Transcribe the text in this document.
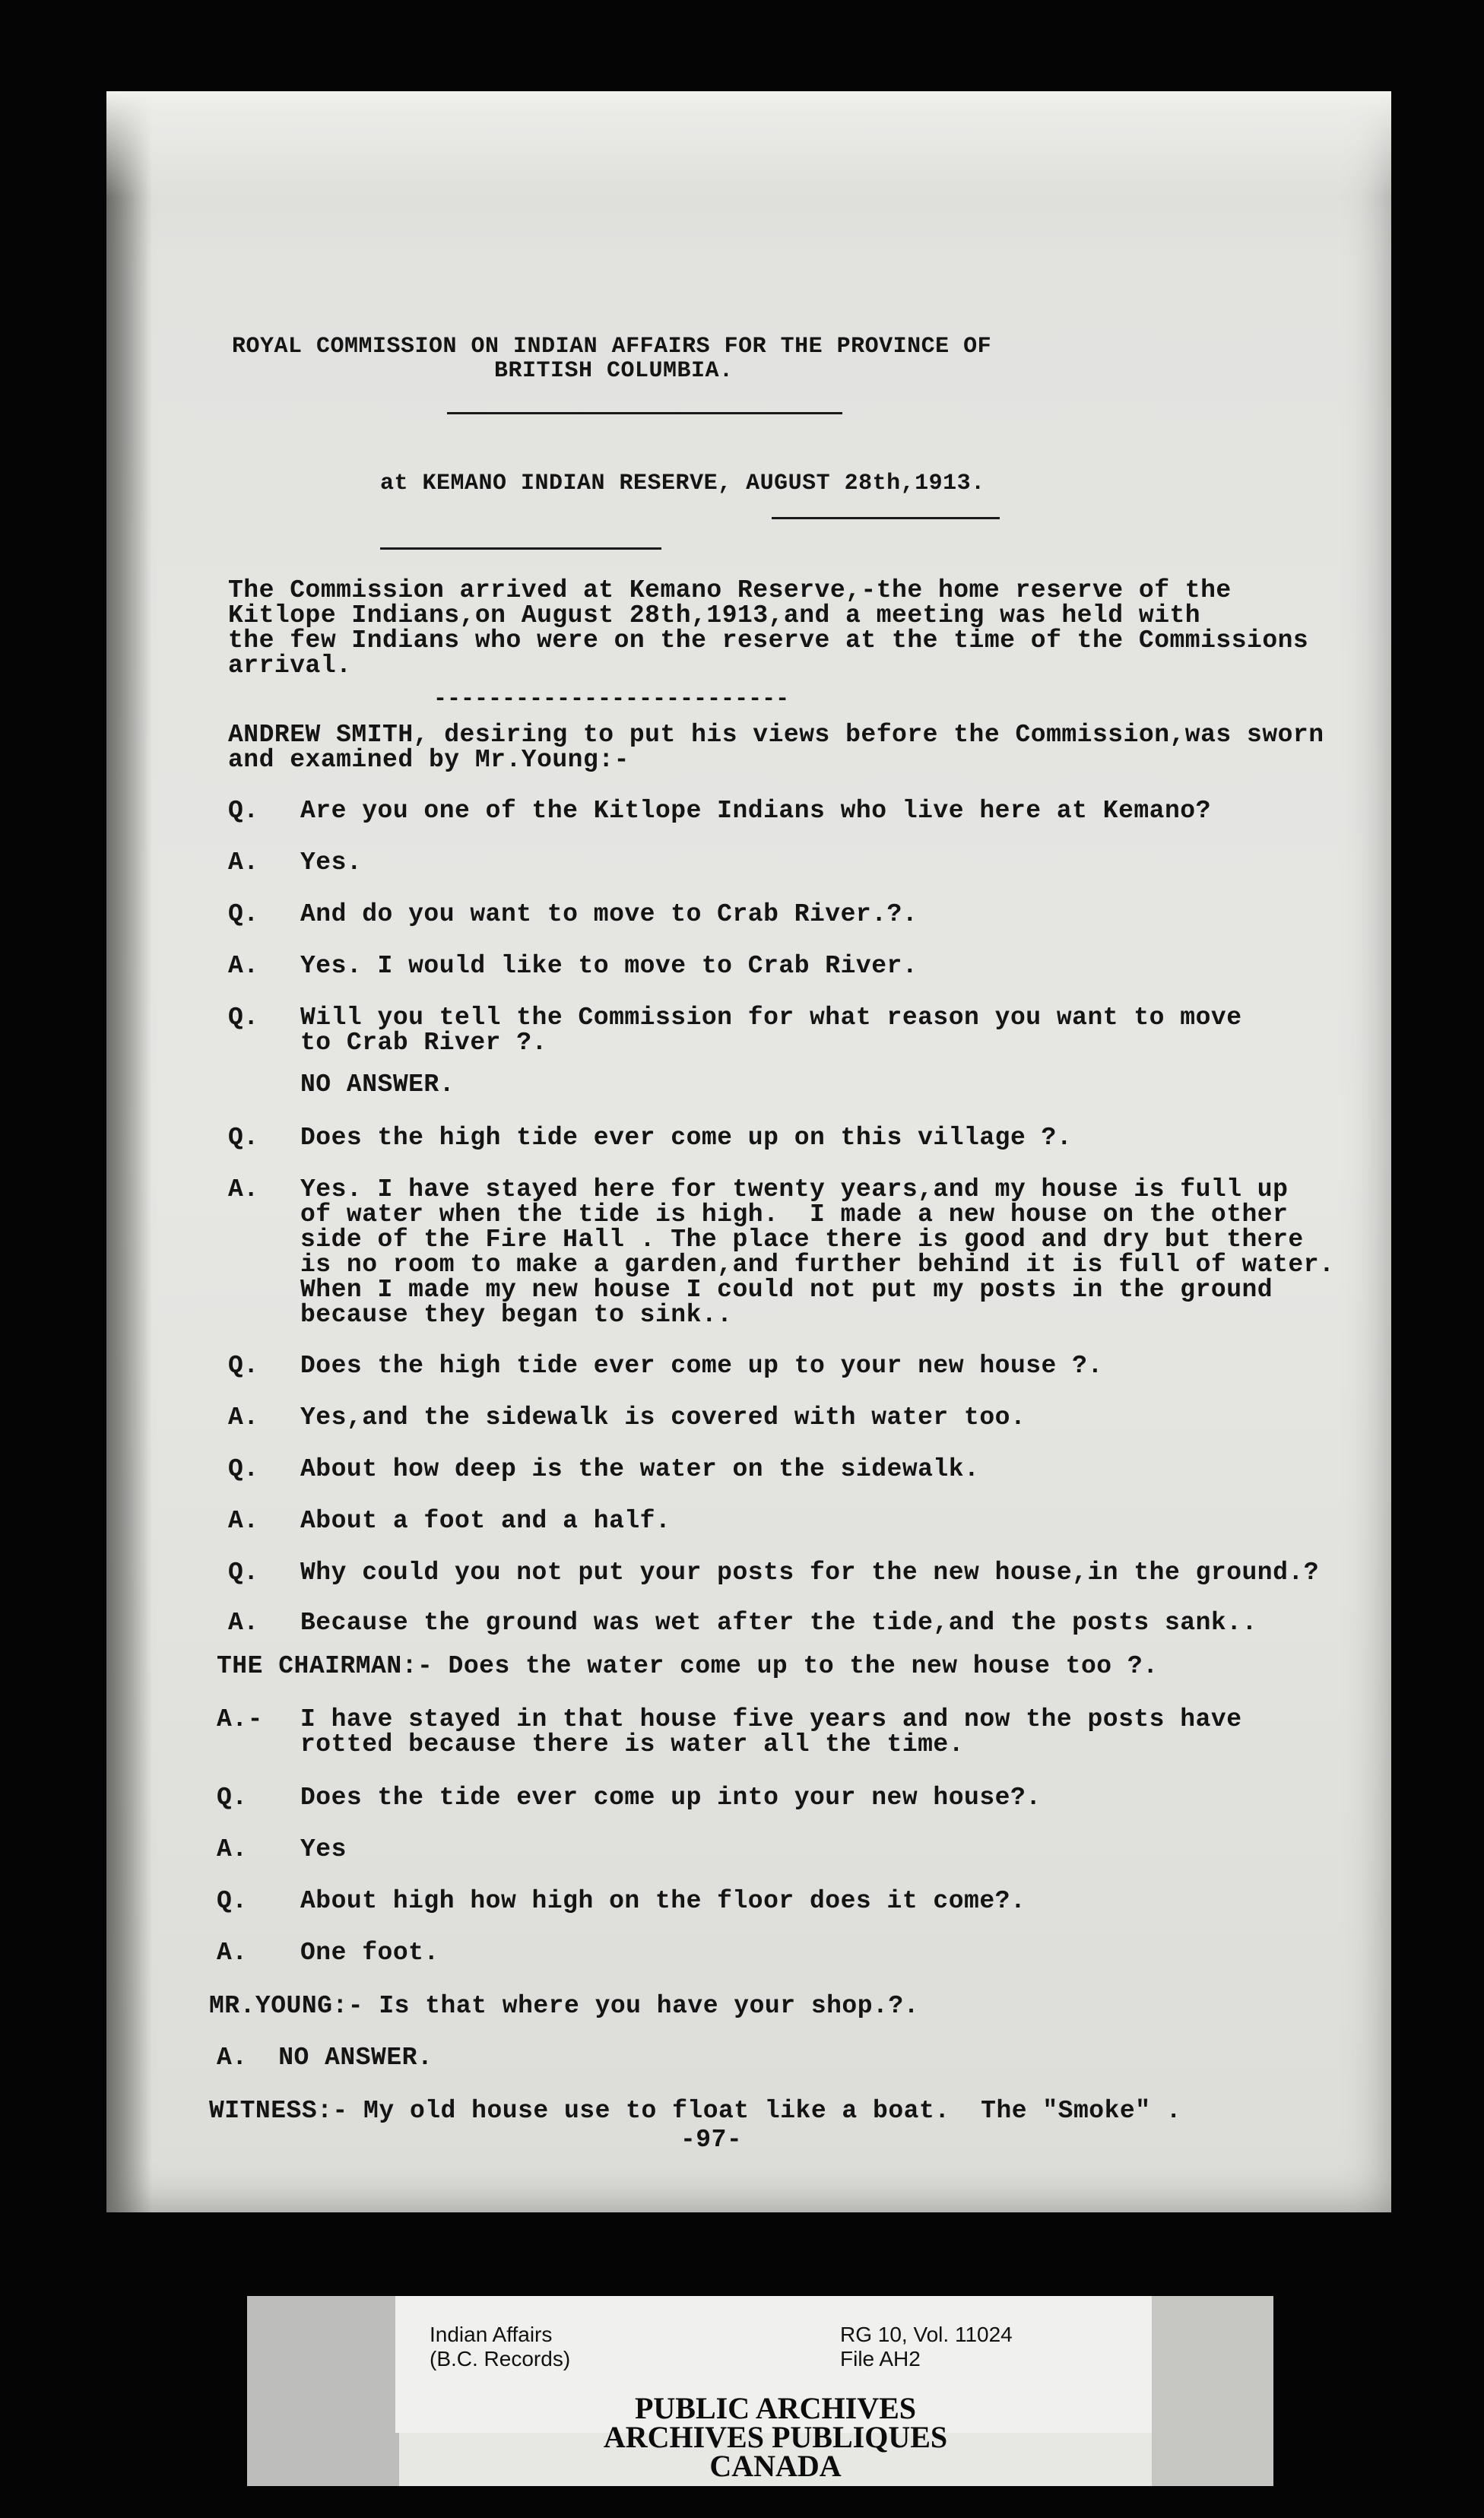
ROYAL COMMISSION ON INDIAN AFFAIRS FOR THE PROVINCE OF
BRITISH COLUMBIA.
at KEMANO INDIAN RESERVE, AUGUST 28th,1913.
The Commission arrived at Kemano Reserve,-the home reserve of the
Kitlope Indians,on August 28th,1913,and a meeting was held with
the few Indians who were on the reserve at the time of the Commissions
arrival.
--------------------------
ANDREW SMITH, desiring to put his views before the Commission,was sworn
and examined by Mr.Young:-
Q. Are you one of the Kitlope Indians who live here at Kemano?
A. Yes.
Q. And do you want to move to Crab River.?.
A. Yes. I would like to move to Crab River.
Q. Will you tell the Commission for what reason you want to move
to Crab River ?.
NO ANSWER.
Q. Does the high tide ever come up on this village ?.
A. Yes. I have stayed here for twenty years,and my house is full up
of water when the tide is high.  I made a new house on the other
side of the Fire Hall . The place there is good and dry but there
is no room to make a garden,and further behind it is full of water.
When I made my new house I could not put my posts in the ground
because they began to sink..
Q. Does the high tide ever come up to your new house ?.
A. Yes,and the sidewalk is covered with water too.
Q. About how deep is the water on the sidewalk.
A. About a foot and a half.
Q. Why could you not put your posts for the new house,in the ground.?
A. Because the ground was wet after the tide,and the posts sank..
THE CHAIRMAN:- Does the water come up to the new house too ?.
A.- I have stayed in that house five years and now the posts have
rotted because there is water all the time.
Q. Does the tide ever come up into your new house?.
A. Yes
Q. About high how high on the floor does it come?.
A. One foot.
MR.YOUNG:- Is that where you have your shop.?.
A.  NO ANSWER.
WITNESS:- My old house use to float like a boat.  The "Smoke" .
-97-
Indian Affairs
(B.C. Records)
RG 10, Vol. 11024
File AH2
PUBLIC ARCHIVES
ARCHIVES PUBLIQUES
CANADA
